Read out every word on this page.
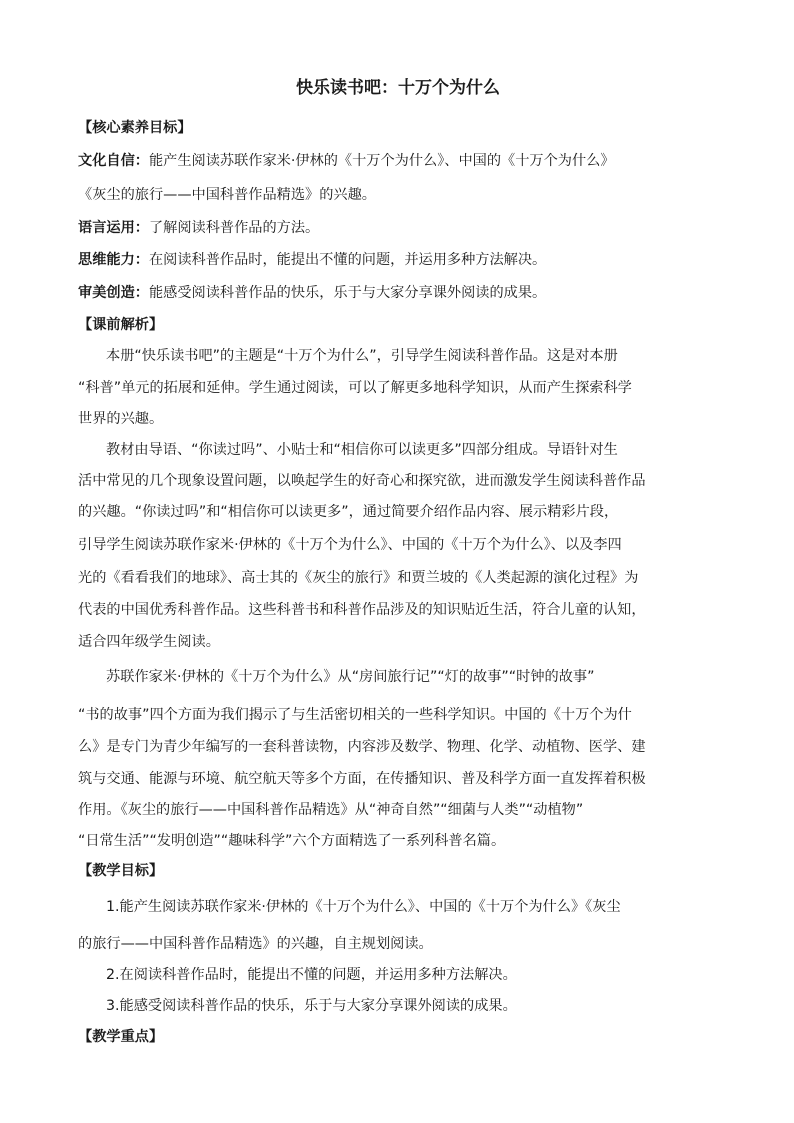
快乐读书吧：十万个为什么
【核心素养目标】
文化自信：能产生阅读苏联作家米·伊林的《十万个为什么》、中国的《十万个为什么》
《灰尘的旅行——中国科普作品精选》的兴趣。
语言运用：了解阅读科普作品的方法。
思维能力：在阅读科普作品时，能提出不懂的问题，并运用多种方法解决。
审美创造：能感受阅读科普作品的快乐，乐于与大家分享课外阅读的成果。
【课前解析】
本册“快乐读书吧”的主题是“十万个为什么”，引导学生阅读科普作品。这是对本册
“科普”单元的拓展和延伸。学生通过阅读，可以了解更多地科学知识，从而产生探索科学
世界的兴趣。
教材由导语、“你读过吗”、小贴士和“相信你可以读更多”四部分组成。导语针对生
活中常见的几个现象设置问题，以唤起学生的好奇心和探究欲，进而激发学生阅读科普作品
的兴趣。“你读过吗”和“相信你可以读更多”，通过简要介绍作品内容、展示精彩片段，
引导学生阅读苏联作家米·伊林的《十万个为什么》、中国的《十万个为什么》、以及李四
光的《看看我们的地球》、高士其的《灰尘的旅行》和贾兰坡的《人类起源的演化过程》为
代表的中国优秀科普作品。这些科普书和科普作品涉及的知识贴近生活，符合儿童的认知，
适合四年级学生阅读。
苏联作家米·伊林的《十万个为什么》从“房间旅行记”“灯的故事”“时钟的故事”
“书的故事”四个方面为我们揭示了与生活密切相关的一些科学知识。中国的《十万个为什
么》是专门为青少年编写的一套科普读物，内容涉及数学、物理、化学、动植物、医学、建
筑与交通、能源与环境、航空航天等多个方面，在传播知识、普及科学方面一直发挥着积极
作用。《灰尘的旅行——中国科普作品精选》从“神奇自然”“细菌与人类”“动植物”
“日常生活”“发明创造”“趣味科学”六个方面精选了一系列科普名篇。
【教学目标】
1.能产生阅读苏联作家米·伊林的《十万个为什么》、中国的《十万个为什么》《灰尘
的旅行——中国科普作品精选》的兴趣，自主规划阅读。
2.在阅读科普作品时，能提出不懂的问题，并运用多种方法解决。
3.能感受阅读科普作品的快乐，乐于与大家分享课外阅读的成果。
【教学重点】
